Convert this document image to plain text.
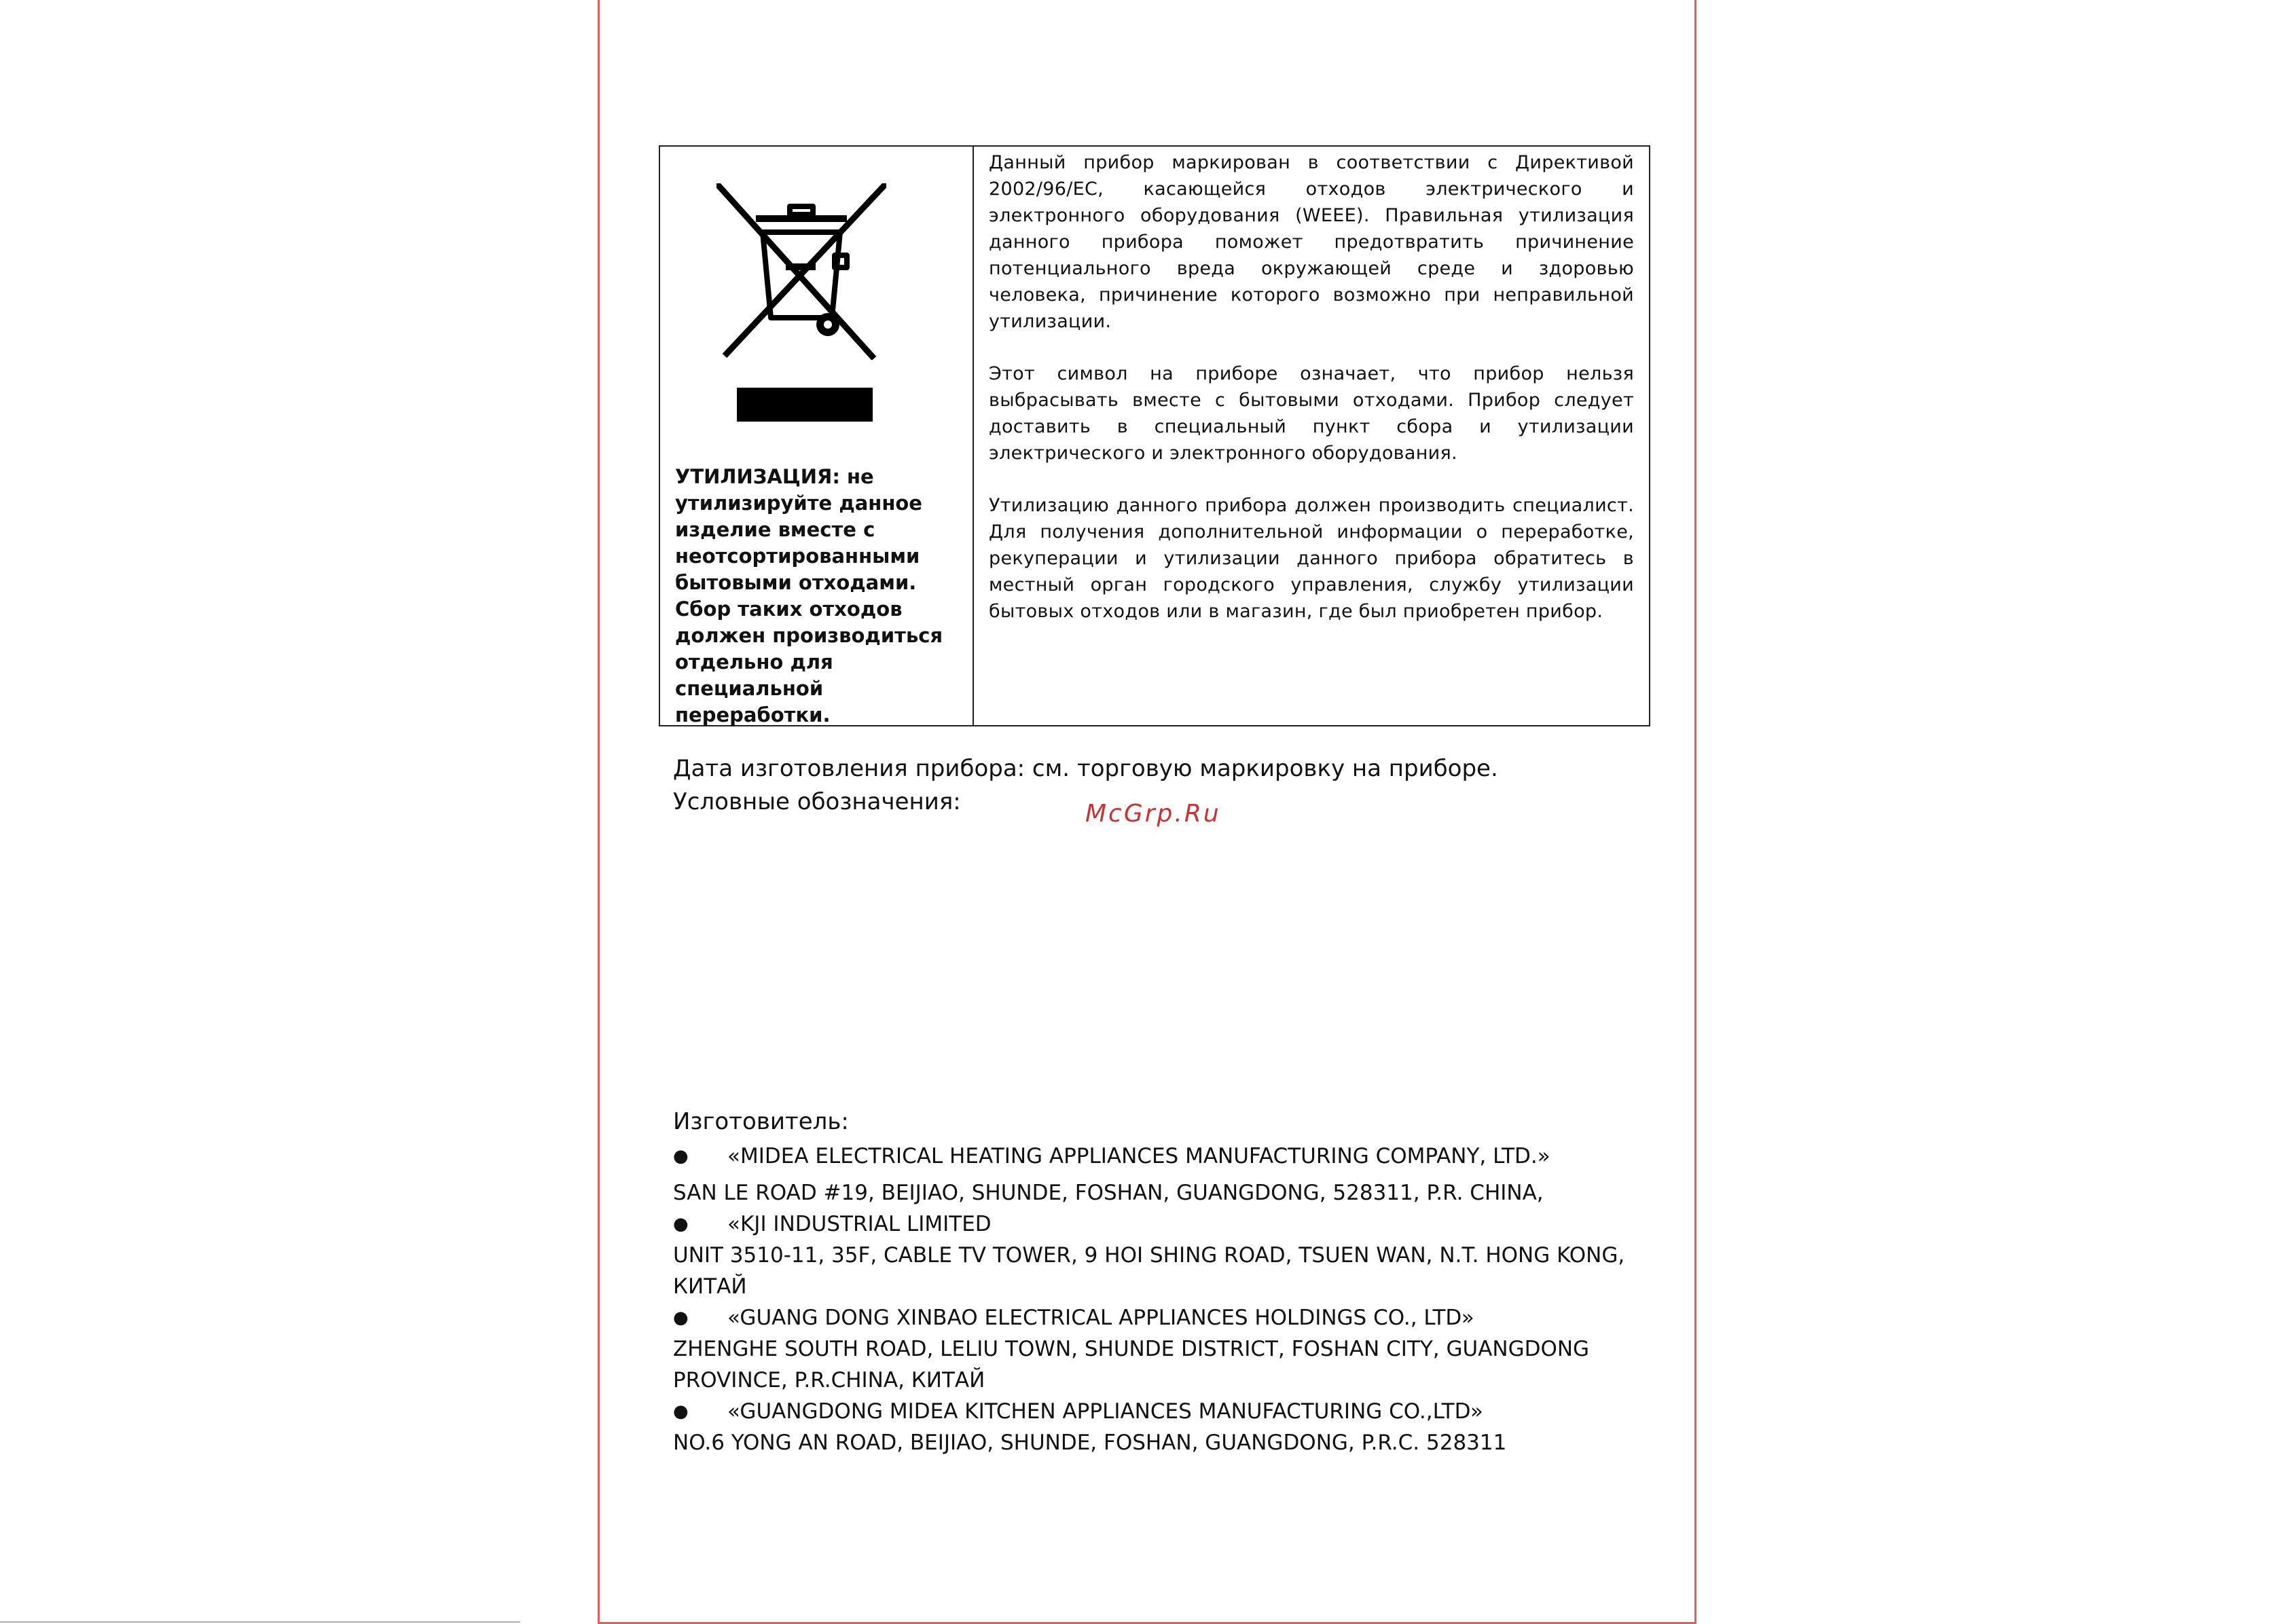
УТИЛИЗАЦИЯ: не утилизируйте данное изделие вместе с неотсортированными бытовыми отходами. Сбор таких отходов должен производиться отдельно для специальной переработки.

Данный прибор маркирован в соответствии с Директивой 2002/96/EC, касающейся отходов электрического и электронного оборудования (WEEE). Правильная утилизация данного прибора поможет предотвратить причинение потенциального вреда окружающей среде и здоровью человека, причинение которого возможно при неправильной утилизации.

Этот символ на приборе означает, что прибор нельзя выбрасывать вместе с бытовыми отходами. Прибор следует доставить в специальный пункт сбора и утилизации электрического и электронного оборудования.

Утилизацию данного прибора должен производить специалист. Для получения дополнительной информации о переработке, рекуперации и утилизации данного прибора обратитесь в местный орган городского управления, службу утилизации бытовых отходов или в магазин, где был приобретен прибор.

Дата изготовления прибора: см. торговую маркировку на приборе.

Условные обозначения:	McGrp.Ru

Изготовитель:

●	«MIDEA ELECTRICAL HEATING APPLIANCES MANUFACTURING COMPANY, LTD.»

SAN LE ROAD #19, BEIJIAO, SHUNDE, FOSHAN, GUANGDONG, 528311, P.R. CHINA,

●	«KJI INDUSTRIAL LIMITED

UNIT 3510-11, 35F, CABLE TV TOWER, 9 HOI SHING ROAD, TSUEN WAN, N.T. HONG KONG, КИТАЙ

●	«GUANG DONG XINBAO ELECTRICAL APPLIANCES HOLDINGS CO., LTD»

ZHENGHE SOUTH ROAD, LELIU TOWN, SHUNDE DISTRICT, FOSHAN CITY, GUANGDONG PROVINCE, P.R.CHINA, КИТАЙ

●	«GUANGDONG MIDEA KITCHEN APPLIANCES MANUFACTURING CO.,LTD»

NO.6 YONG AN ROAD, BEIJIAO, SHUNDE, FOSHAN, GUANGDONG, P.R.C. 528311
